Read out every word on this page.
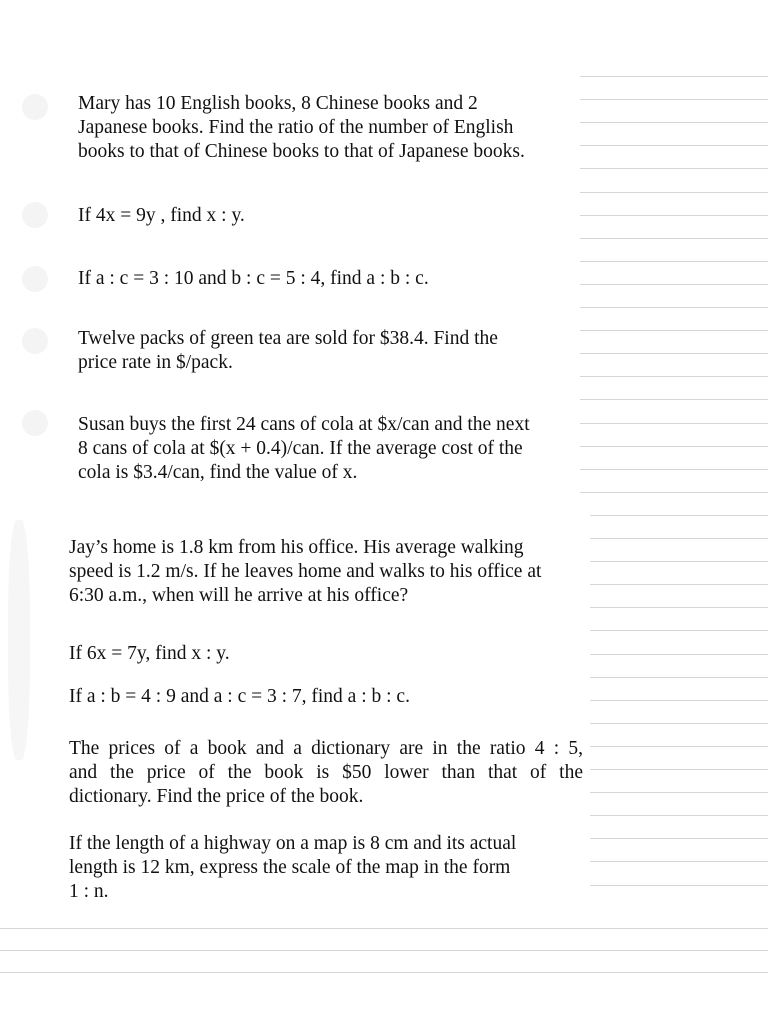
Mary has 10 English books, 8 Chinese books and 2
Japanese books. Find the ratio of the number of English
books to that of Chinese books to that of Japanese books.
If 4x = 9y , find x : y.
If a : c = 3 : 10 and b : c = 5 : 4, find a : b : c.
Twelve packs of green tea are sold for $38.4. Find the
price rate in $/pack.
Susan buys the first 24 cans of cola at $x/can and the next
8 cans of cola at $(x + 0.4)/can. If the average cost of the
cola is $3.4/can, find the value of x.
Jay’s home is 1.8 km from his office. His average walking
speed is 1.2 m/s. If he leaves home and walks to his office at
6:30 a.m., when will he arrive at his office?
If 6x = 7y, find x : y.
If a : b = 4 : 9 and a : c = 3 : 7, find a : b : c.
The prices of a book and a dictionary are in the ratio 4 : 5,
and the price of the book is $50 lower than that of the
dictionary. Find the price of the book.
If the length of a highway on a map is 8 cm and its actual
length is 12 km, express the scale of the map in the form
1 : n.
